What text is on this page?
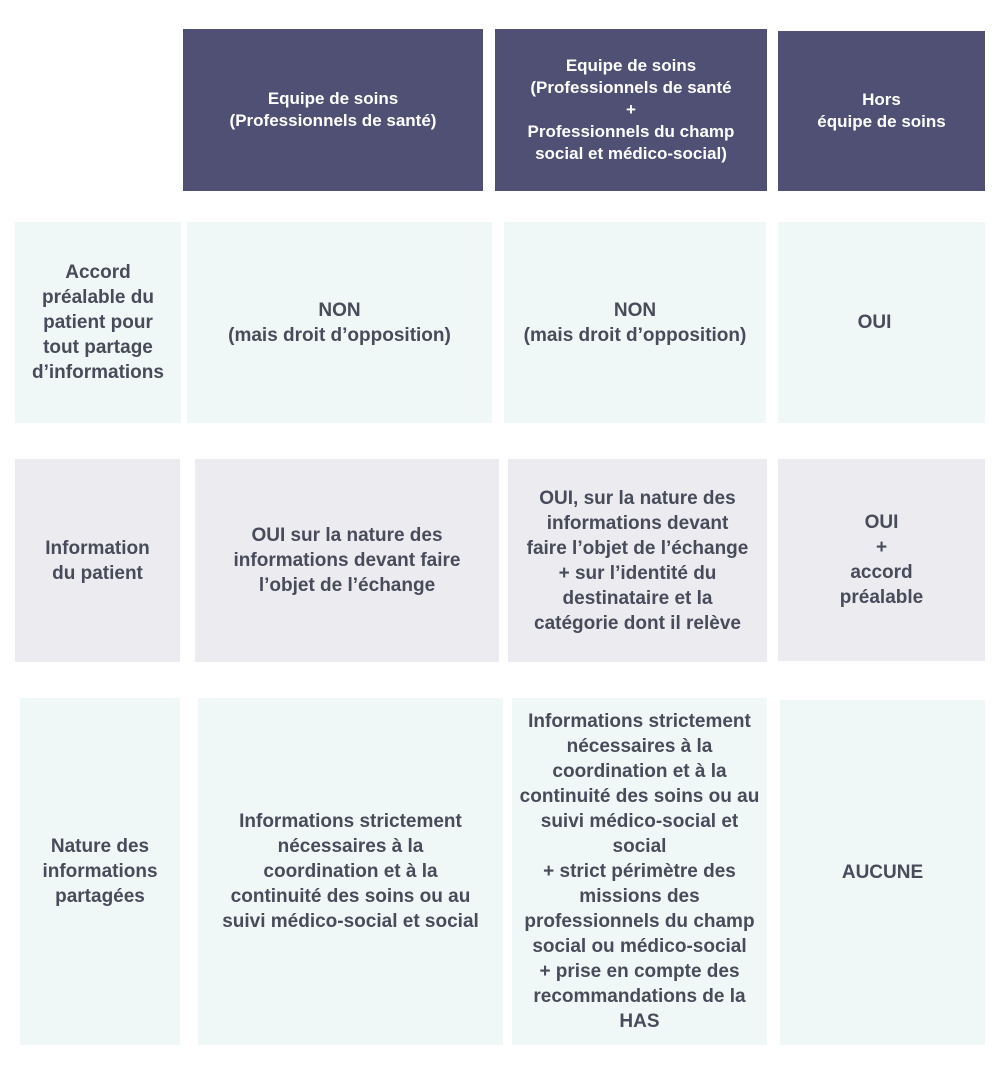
Equipe de soins
(Professionnels de santé)
Equipe de soins
(Professionnels de santé
+
Professionnels du champ
social et médico-social)
Hors
équipe de soins
Accord
préalable du
patient pour
tout partage
d’informations
NON
(mais droit d’opposition)
NON
(mais droit d’opposition)
OUI
Information
du patient
OUI sur la nature des
informations devant faire
l’objet de l’échange
OUI, sur la nature des
informations devant
faire l’objet de l’échange
+ sur l’identité du
destinataire et la
catégorie dont il relève
OUI
+
accord
préalable
Nature des
informations
partagées
Informations strictement
nécessaires à la
coordination et à la
continuité des soins ou au
suivi médico-social et social
Informations strictement
nécessaires à la
coordination et à la
continuité des soins ou au
suivi médico-social et
social
+ strict périmètre des
missions des
professionnels du champ
social ou médico-social
+ prise en compte des
recommandations de la
HAS
AUCUNE
